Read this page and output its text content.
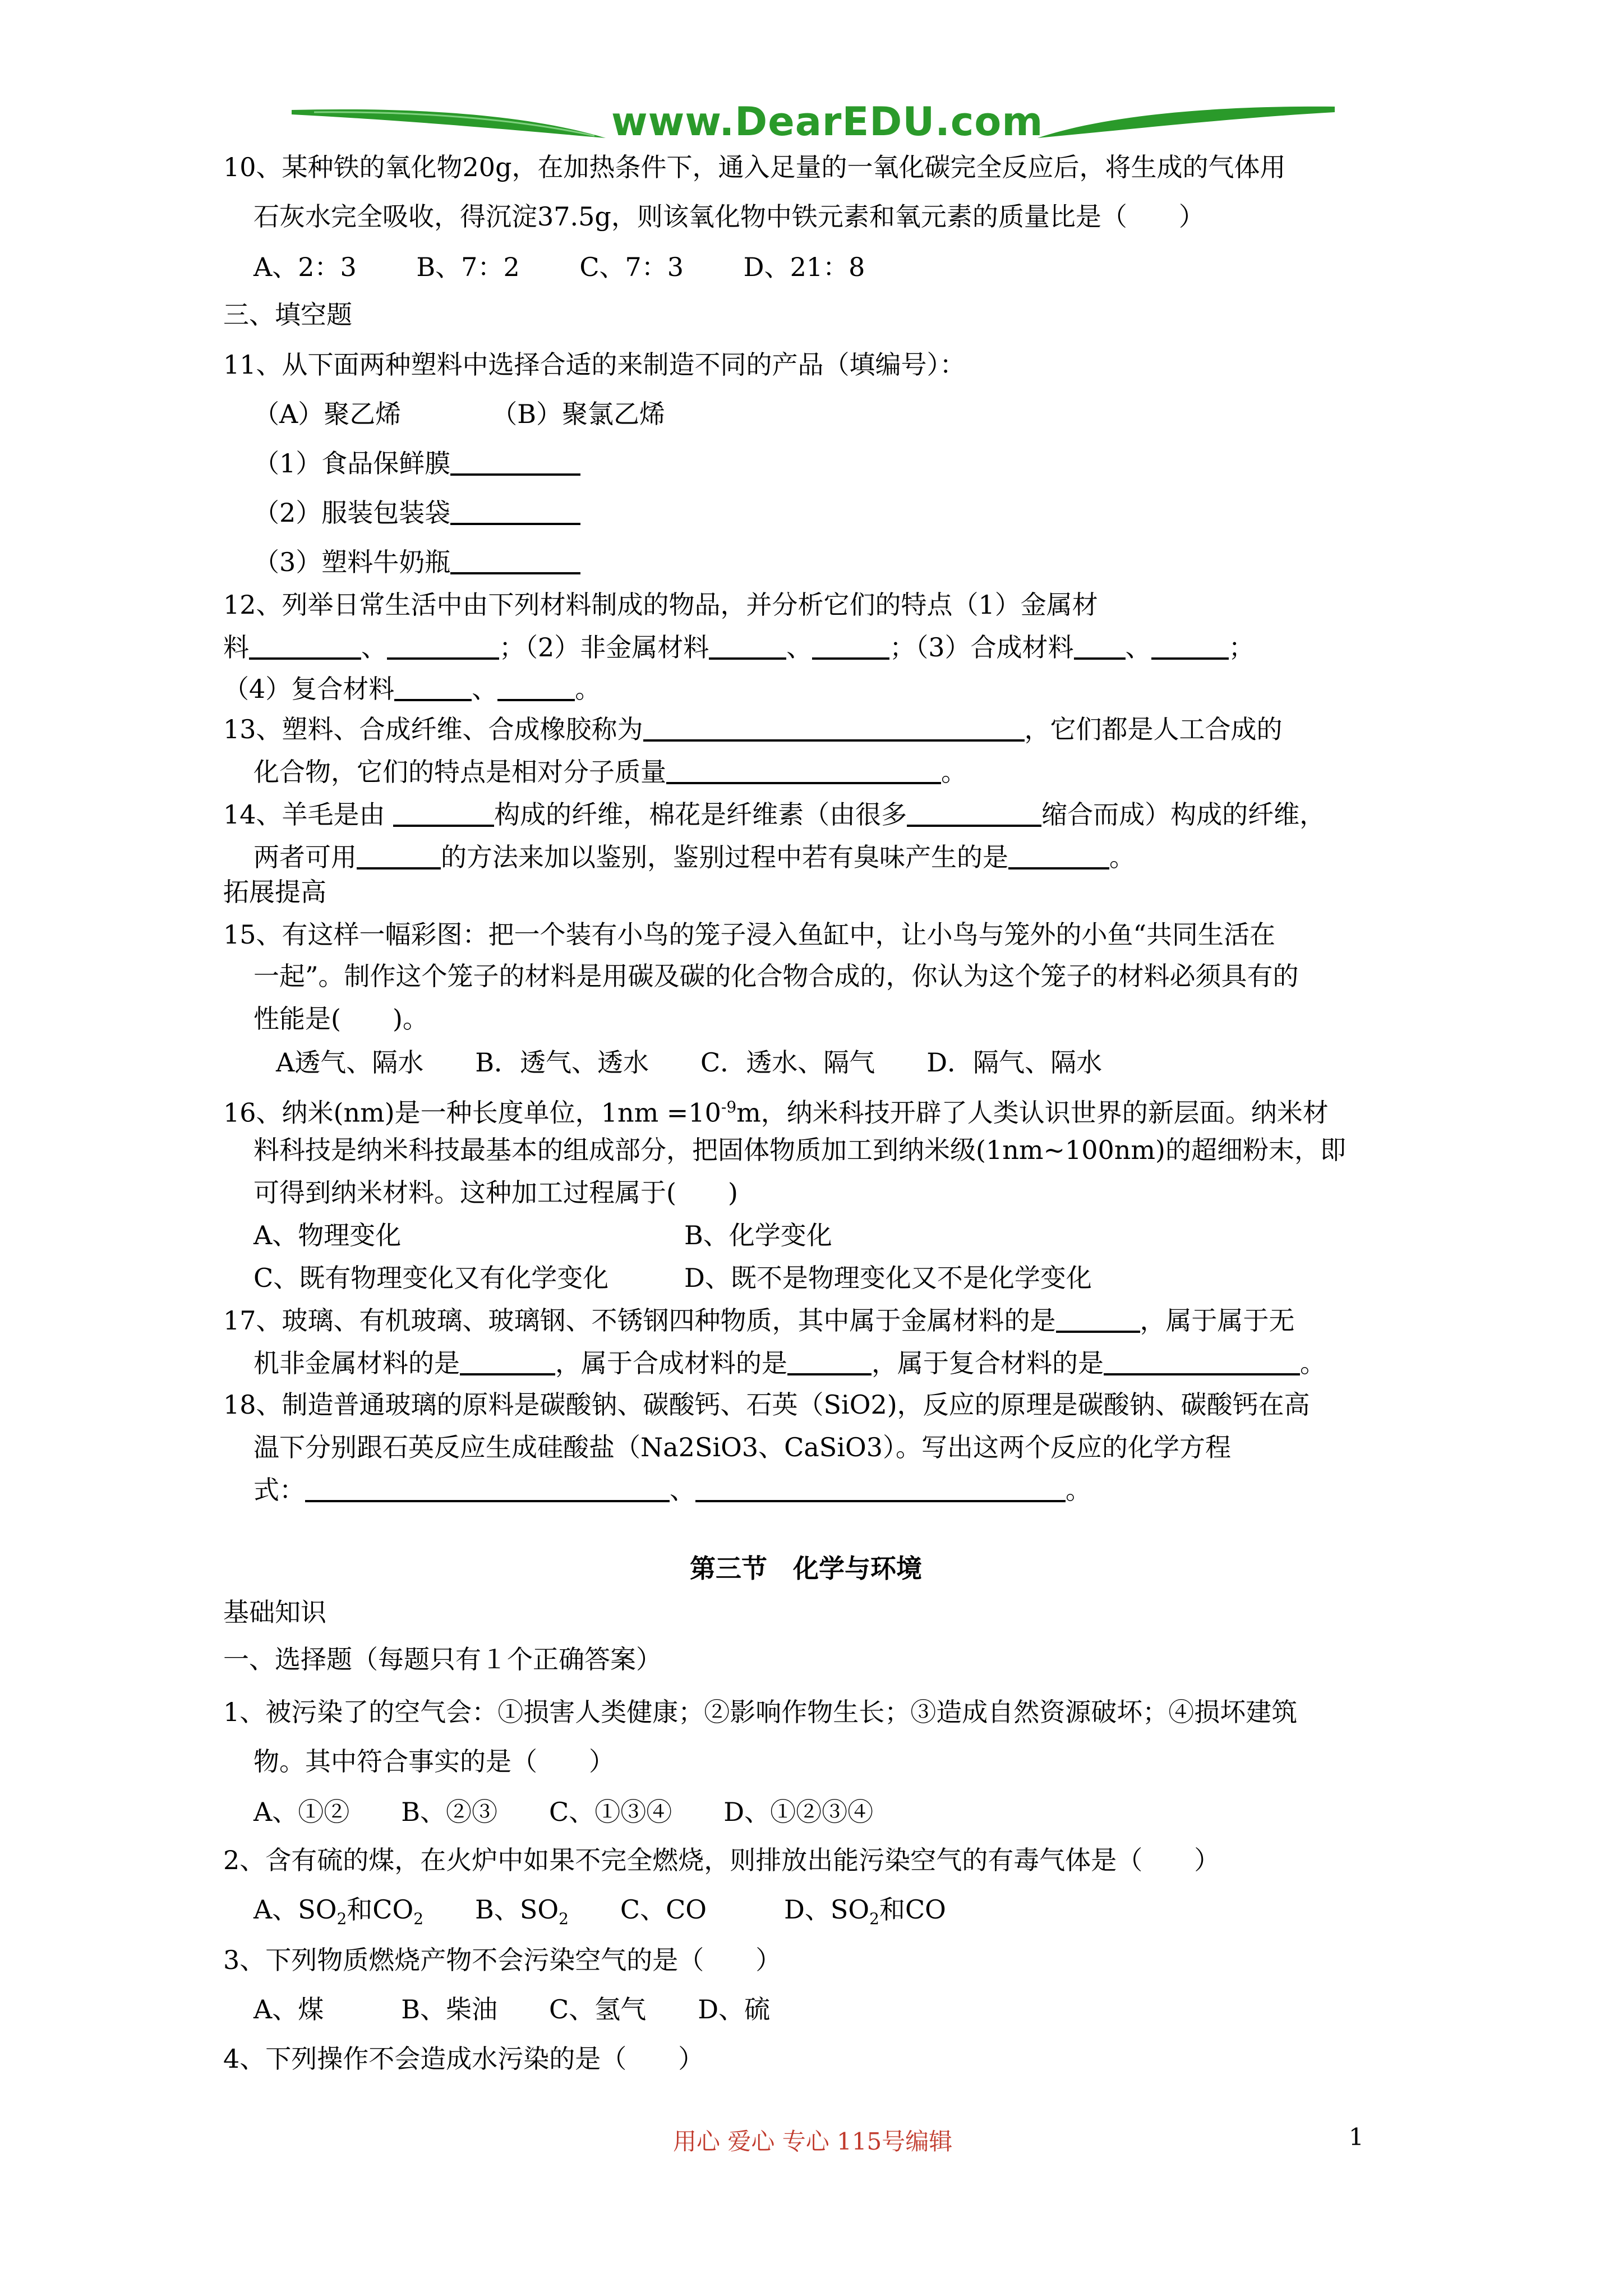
www.DearEDU.com
10、某种铁的氧化物20g，在加热条件下，通入足量的一氧化碳完全反应后，将生成的气体用
石灰水完全吸收，得沉淀37.5g，则该氧化物中铁元素和氧元素的质量比是（　　）
A、2：3　　 B、7：2　　 C、7：3　　 D、21：8
三、填空题
11、从下面两种塑料中选择合适的来制造不同的产品（填编号）：
（A）聚乙烯　　　　（B）聚氯乙烯
（1）食品保鲜膜
（2）服装包装袋
（3）塑料牛奶瓶
12、列举日常生活中由下列材料制成的物品，并分析它们的特点（1）金属材
料	、	；（2）非金属材料	、	；（3）合成材料 、	；
（4）复合材料	、	。
13、塑料、合成纤维、合成橡胶称为	，它们都是人工合成的
化合物，它们的特点是相对分子质量	。
14、羊毛是由	构成的纤维，棉花是纤维素（由很多	缩合而成）构成的纤维，
两者可用	的方法来加以鉴别，鉴别过程中若有臭味产生的是	。
拓展提高
15、有这样一幅彩图：把一个装有小鸟的笼子浸入鱼缸中，让小鸟与笼外的小鱼“共同生活在
一起”。制作这个笼子的材料是用碳及碳的化合物合成的，你认为这个笼子的材料必须具有的
性能是(　　)。
A透气、隔水　　B．透气、透水　　C．透水、隔气　　D．隔气、隔水
16、纳米(nm)是一种长度单位，$1nm =10^{-9}m$，纳米科技开辟了人类认识世界的新层面。纳米材
料科技是纳米科技最基本的组成部分，把固体物质加工到纳米级(1nm~100nm)的超细粉末，即
可得到纳米材料。这种加工过程属于(　　)
A、物理变化	B、化学变化
C、既有物理变化又有化学变化	D、既不是物理变化又不是化学变化
17、玻璃、有机玻璃、玻璃钢、不锈钢四种物质，其中属于金属材料的是	，属于属于无
机非金属材料的是	，属于合成材料的是	，属于复合材料的是	。
18、制造普通玻璃的原料是碳酸钠、碳酸钙、石英（SiO2)，反应的原理是碳酸钠、碳酸钙在高
温下分别跟石英反应生成硅酸盐（Na2SiO3、CaSiO3）。写出这两个反应的化学方程
式：	、	。
第三节　化学与环境
基础知识
一、选择题（每题只有１个正确答案）
1、被污染了的空气会：①损害人类健康；②影响作物生长；③造成自然资源破坏；④损坏建筑
物。其中符合事实的是（　　）
A、①②　　B、②③　　C、①③④　　D、①②③④
2、含有硫的煤，在火炉中如果不完全燃烧，则排放出能污染空气的有毒气体是（　　）
A、$SO_2$和$CO_2$　　B、$SO_2$　　C、CO　　　D、$SO_2$和CO
3、下列物质燃烧产物不会污染空气的是（　　）
A、煤　　　B、柴油　　C、氢气　　D、硫
4、下列操作不会造成水污染的是（　　）
用心 爱心 专心 115号编辑	1
